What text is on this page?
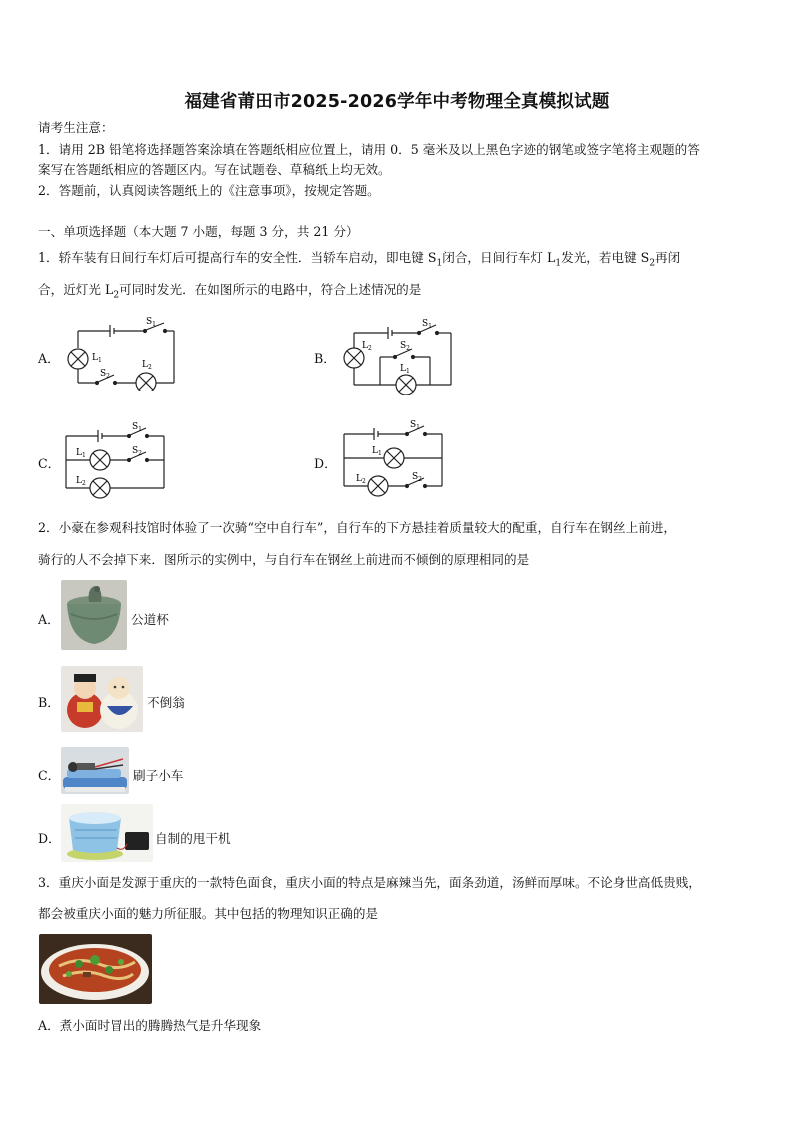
福建省莆田市2025-2026学年中考物理全真模拟试题
请考生注意：
1．请用 2B 铅笔将选择题答案涂填在答题纸相应位置上，请用 0．5 毫米及以上黑色字迹的钢笔或签字笔将主观题的答
案写在答题纸相应的答题区内。写在试题卷、草稿纸上均无效。
2．答题前，认真阅读答题纸上的《注意事项》，按规定答题。
一、单项选择题（本大题 7 小题，每题 3 分，共 21 分）
1．轿车装有日间行车灯后可提高行车的安全性．当轿车启动，即电键 $S_1$闭合，日间行车灯 $L_1$发光，若电键 $S_2$再闭
合，近灯光 $L_2$可同时发光．在如图所示的电路中，符合上述情况的是
A．	B．
C．	D．
$S_1$
$L_1$
$S_2$
$L_2$
$S_1$
$L_2$	$S_2$
$L_1$
$S_1$
$L_1$	$S_2$
$L_2$
$S_1$
$L_1$
$L_2$	$S_2$
2．小豪在参观科技馆时体验了一次骑“空中自行车”，自行车的下方悬挂着质量较大的配重，自行车在钢丝上前进，
骑行的人不会掉下来．图所示的实例中，与自行车在钢丝上前进而不倾倒的原理相同的是
A．	公道杯
B．	不倒翁
C．	刷子小车
D．	自制的甩干机
3．重庆小面是发源于重庆的一款特色面食，重庆小面的特点是麻辣当先，面条劲道，汤鲜而厚味。不论身世高低贵贱，
都会被重庆小面的魅力所征服。其中包括的物理知识正确的是
A．煮小面时冒出的腾腾热气是升华现象
